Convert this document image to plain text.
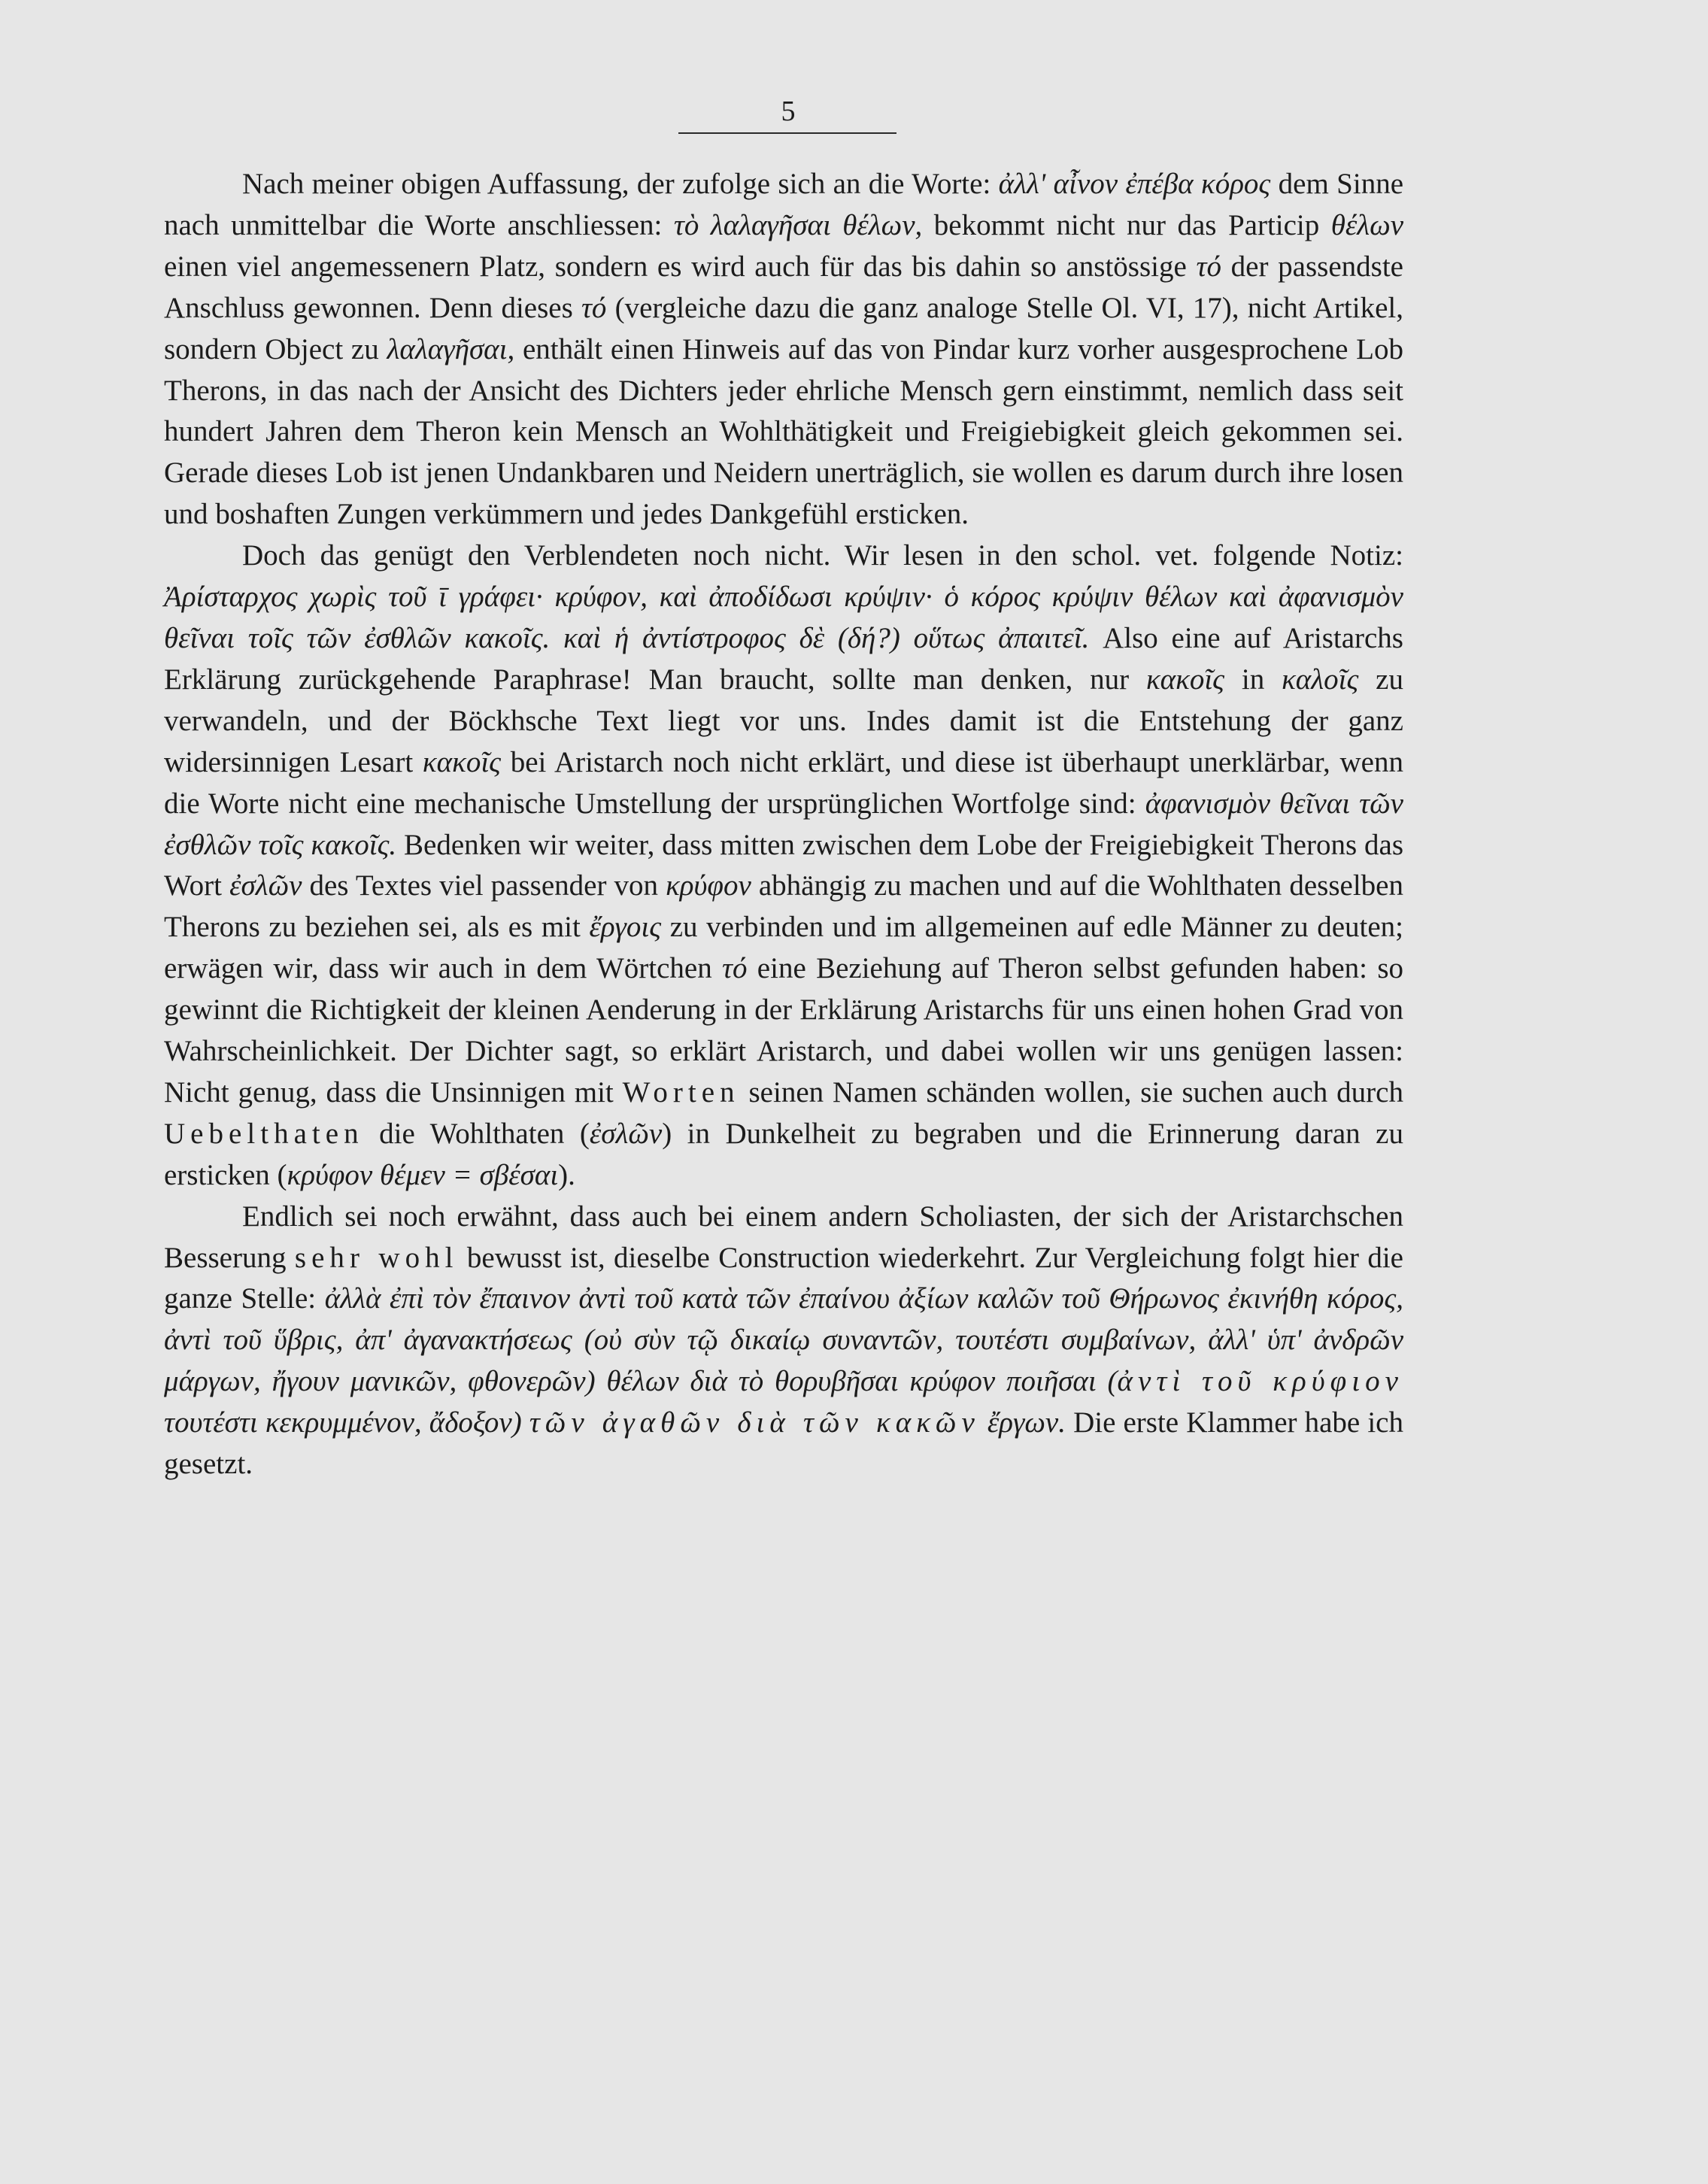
5

Nach meiner obigen Auffassung, der zufolge sich an die Worte: ἀλλ' αἶνον ἐπέβα κόρος dem Sinne nach unmittelbar die Worte anschliessen: τὸ λαλαγῆσαι θέλων, bekommt nicht nur das Particip θέλων einen viel angemessenern Platz, sondern es wird auch für das bis dahin so anstössige τό der passendste Anschluss gewonnen. Denn dieses τό (vergleiche dazu die ganz analoge Stelle Ol. VI, 17), nicht Artikel, sondern Object zu λαλαγῆσαι, enthält einen Hinweis auf das von Pindar kurz vorher ausgesprochene Lob Therons, in das nach der Ansicht des Dichters jeder ehrliche Mensch gern einstimmt, nemlich dass seit hundert Jahren dem Theron kein Mensch an Wohlthätigkeit und Freigiebigkeit gleich gekommen sei. Gerade dieses Lob ist jenen Undankbaren und Neidern unerträglich, sie wollen es darum durch ihre losen und boshaften Zungen verkümmern und jedes Dankgefühl ersticken.

Doch das genügt den Verblendeten noch nicht. Wir lesen in den schol. vet. folgende Notiz: Ἀρίσταρχος χωρὶς τοῦ ῑ γράφει· κρύφον, καὶ ἀποδίδωσι κρύψιν· ὁ κόρος κρύψιν θέλων καὶ ἀφανισμὸν θεῖναι τοῖς τῶν ἐσθλῶν κακοῖς. καὶ ἡ ἀντίστροφος δὲ (δή?) οὕτως ἀπαιτεῖ. Also eine auf Aristarchs Erklärung zurückgehende Paraphrase! Man braucht, sollte man denken, nur κακοῖς in καλοῖς zu verwandeln, und der Böckhsche Text liegt vor uns. Indes damit ist die Entstehung der ganz widersinnigen Lesart κακοῖς bei Aristarch noch nicht erklärt, und diese ist überhaupt unerklärbar, wenn die Worte nicht eine mechanische Umstellung der ursprünglichen Wortfolge sind: ἀφανισμὸν θεῖναι τῶν ἐσθλῶν τοῖς κακοῖς. Bedenken wir weiter, dass mitten zwischen dem Lobe der Freigiebigkeit Therons das Wort ἐσλῶν des Textes viel passender von κρύφον abhängig zu machen und auf die Wohlthaten desselben Therons zu beziehen sei, als es mit ἔργοις zu verbinden und im allgemeinen auf edle Männer zu deuten; erwägen wir, dass wir auch in dem Wörtchen τό eine Beziehung auf Theron selbst gefunden haben: so gewinnt die Richtigkeit der kleinen Aenderung in der Erklärung Aristarchs für uns einen hohen Grad von Wahrscheinlichkeit. Der Dichter sagt, so erklärt Aristarch, und dabei wollen wir uns genügen lassen: Nicht genug, dass die Unsinnigen mit Worten seinen Namen schänden wollen, sie suchen auch durch Uebelthaten die Wohlthaten (ἐσλῶν) in Dunkelheit zu begraben und die Erinnerung daran zu ersticken (κρύφον θέμεν = σβέσαι).

Endlich sei noch erwähnt, dass auch bei einem andern Scholiasten, der sich der Aristarchschen Besserung sehr wohl bewusst ist, dieselbe Construction wiederkehrt. Zur Vergleichung folgt hier die ganze Stelle: ἀλλὰ ἐπὶ τὸν ἔπαινον ἀντὶ τοῦ κατὰ τῶν ἐπαίνου ἀξίων καλῶν τοῦ Θήρωνος ἐκινήθη κόρος, ἀντὶ τοῦ ὕβρις, ἀπ' ἀγανακτήσεως (οὐ σὺν τῷ δικαίῳ συναντῶν, τουτέστι συμβαίνων, ἀλλ' ὑπ' ἀνδρῶν μάργων, ἤγουν μανικῶν, φθονερῶν) θέλων διὰ τὸ θορυβῆσαι κρύφον ποιῆσαι (ἀντὶ τοῦ κρύφιον τουτέστι κεκρυμμένον, ἄδοξον) τῶν ἀγαθῶν διὰ τῶν κακῶν ἔργων. Die erste Klammer habe ich gesetzt.
